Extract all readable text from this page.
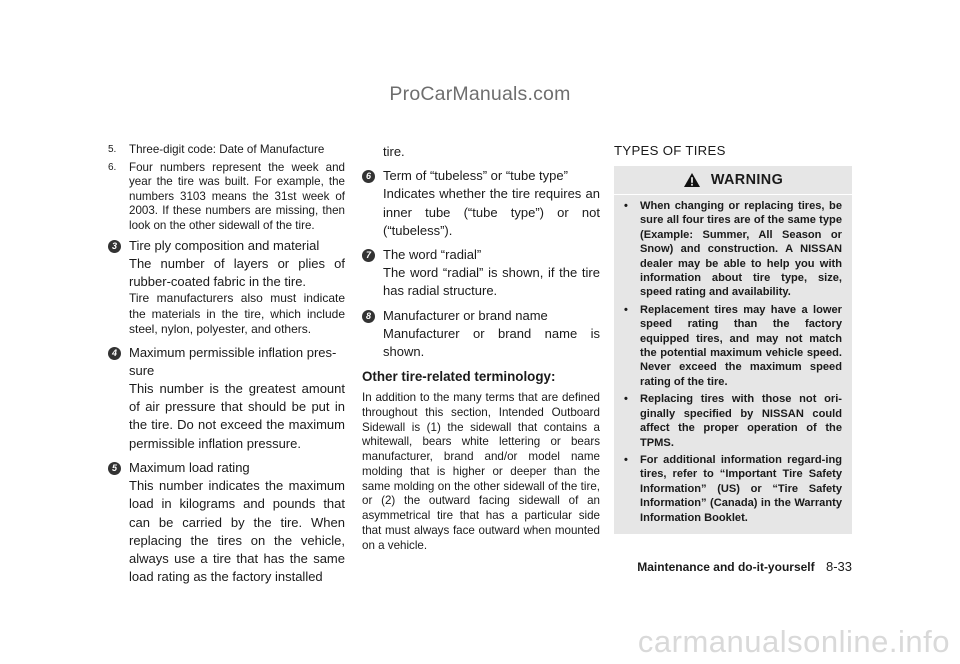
ProCarManuals.com
5. Three-digit code: Date of Manufacture
6. Four numbers represent the week and year the tire was built. For example, the numbers 3103 means the 31st week of 2003. If these numbers are missing, then look on the other sidewall of the tire.
3 Tire ply composition and material
The number of layers or plies of rubber-coated fabric in the tire.
Tire manufacturers also must indicate the materials in the tire, which include steel, nylon, polyester, and others.
4 Maximum permissible inflation pres-sure
This number is the greatest amount of air pressure that should be put in the tire. Do not exceed the maximum permissible inflation pressure.
5 Maximum load rating
This number indicates the maximum load in kilograms and pounds that can be carried by the tire. When replacing the tires on the vehicle, always use a tire that has the same load rating as the factory installed
tire.
6 Term of “tubeless” or “tube type”
Indicates whether the tire requires an inner tube (“tube type”) or not (“tubeless”).
7 The word “radial”
The word “radial” is shown, if the tire has radial structure.
8 Manufacturer or brand name
Manufacturer or brand name is shown.
Other tire-related terminology:
In addition to the many terms that are defined throughout this section, Intended Outboard Sidewall is (1) the sidewall that contains a whitewall, bears white lettering or bears manufacturer, brand and/or model name molding that is higher or deeper than the same molding on the other sidewall of the tire, or (2) the outward facing sidewall of an asymmetrical tire that has a particular side that must always face outward when mounted on a vehicle.
TYPES OF TIRES
WARNING
• When changing or replacing tires, be sure all four tires are of the same type (Example: Summer, All Season or Snow) and construction. A NISSAN dealer may be able to help you with information about tire type, size, speed rating and availability.
• Replacement tires may have a lower speed rating than the factory equipped tires, and may not match the potential maximum vehicle speed. Never exceed the maximum speed rating of the tire.
• Replacing tires with those not ori-ginally specified by NISSAN could affect the proper operation of the TPMS.
• For additional information regard-ing tires, refer to “Important Tire Safety Information” (US) or “Tire Safety Information” (Canada) in the Warranty Information Booklet.
Maintenance and do-it-yourself 8-33
carmanualsonline.info
